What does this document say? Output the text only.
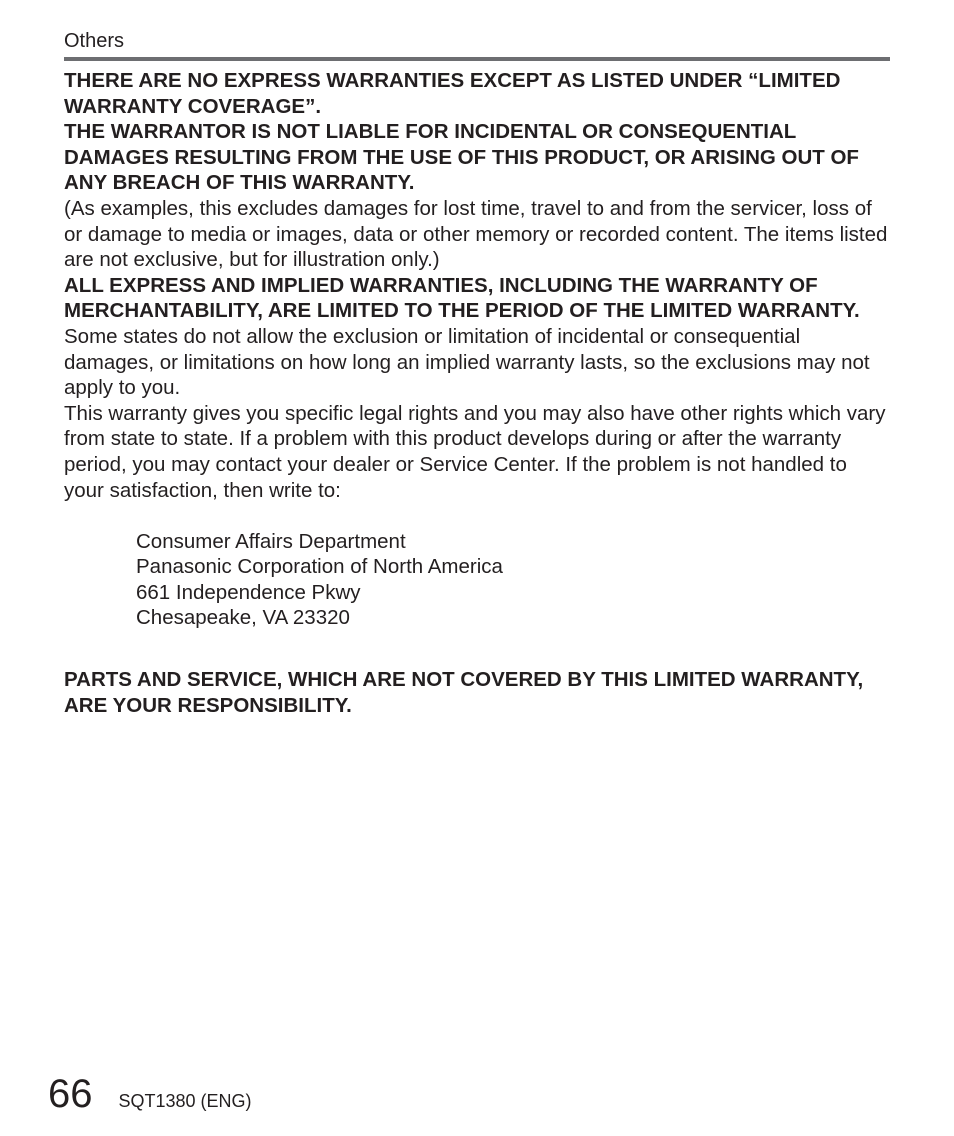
Others

THERE ARE NO EXPRESS WARRANTIES EXCEPT AS LISTED UNDER “LIMITED WARRANTY COVERAGE”.

THE WARRANTOR IS NOT LIABLE FOR INCIDENTAL OR CONSEQUENTIAL DAMAGES RESULTING FROM THE USE OF THIS PRODUCT, OR ARISING OUT OF ANY BREACH OF THIS WARRANTY.

(As examples, this excludes damages for lost time, travel to and from the servicer, loss of or damage to media or images, data or other memory or recorded content. The items listed are not exclusive, but for illustration only.)

ALL EXPRESS AND IMPLIED WARRANTIES, INCLUDING THE WARRANTY OF MERCHANTABILITY, ARE LIMITED TO THE PERIOD OF THE LIMITED WARRANTY.

Some states do not allow the exclusion or limitation of incidental or consequential damages, or limitations on how long an implied warranty lasts, so the exclusions may not apply to you.

This warranty gives you specific legal rights and you may also have other rights which vary from state to state. If a problem with this product develops during or after the warranty period, you may contact your dealer or Service Center. If the problem is not handled to your satisfaction, then write to:

Consumer Affairs Department
Panasonic Corporation of North America
661 Independence Pkwy
Chesapeake, VA 23320

PARTS AND SERVICE, WHICH ARE NOT COVERED BY THIS LIMITED WARRANTY, ARE YOUR RESPONSIBILITY.

66 SQT1380 (ENG)
